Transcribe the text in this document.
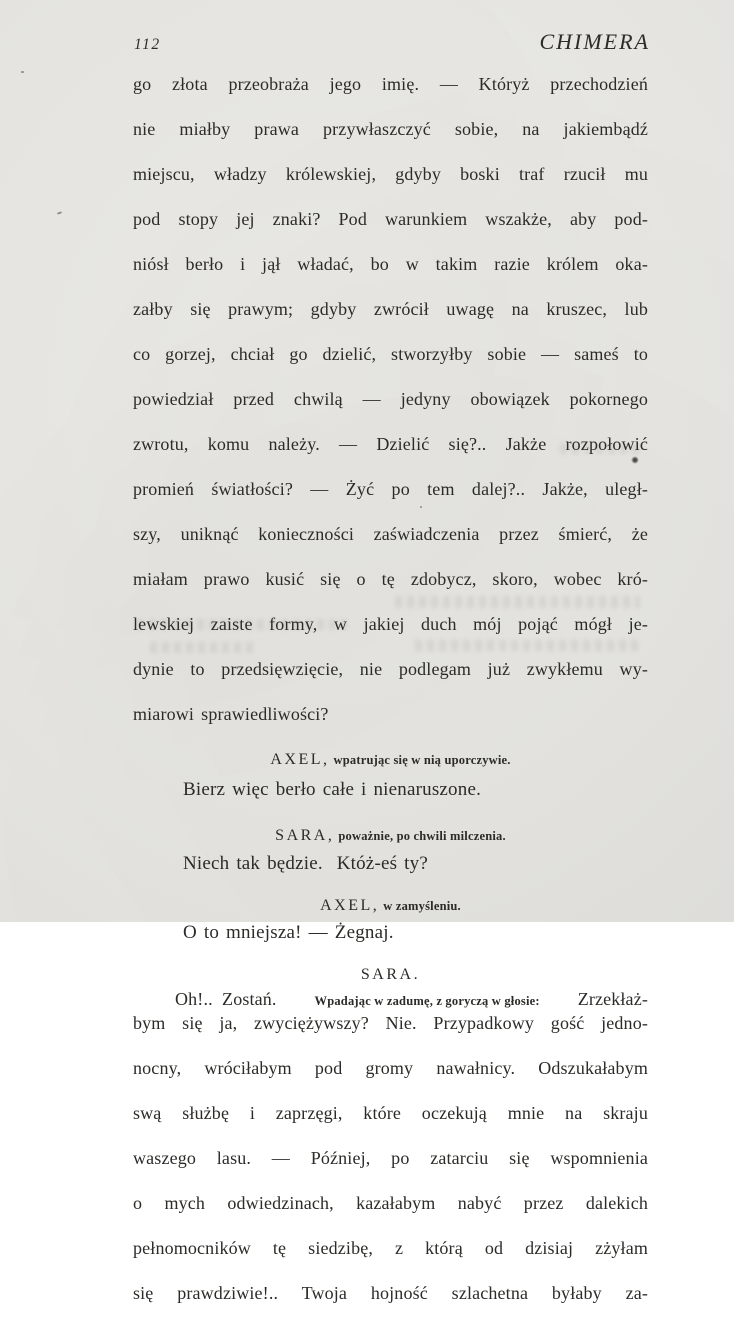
112	CHIMERA
go złota przeobraża jego imię. — Któryż przechodzień
nie miałby prawa przywłaszczyć sobie, na jakiembądź
miejscu, władzy królewskiej, gdyby boski traf rzucił mu
pod stopy jej znaki? Pod warunkiem wszakże, aby pod-
niósł berło i jął władać, bo w takim razie królem oka-
załby się prawym; gdyby zwrócił uwagę na kruszec, lub
co gorzej, chciał go dzielić, stworzyłby sobie — sameś to
powiedział przed chwilą — jedyny obowiązek pokornego
zwrotu, komu należy. — Dzielić się?.. Jakże rozpołowić
promień światłości? — Żyć po tem dalej?.. Jakże, uległ-
szy, uniknąć konieczności zaświadczenia przez śmierć, że
miałam prawo kusić się o tę zdobycz, skoro, wobec kró-
lewskiej zaiste formy, w jakiej duch mój pojąć mógł je-
dynie to przedsięwzięcie, nie podlegam już zwykłemu wy-
miarowi sprawiedliwości?
AXEL, wpatrując się w nią uporczywie.
Bierz więc berło całe i nienaruszone.
SARA, poważnie, po chwili milczenia.
Niech tak będzie.  Któż-eś ty?
AXEL, w zamyśleniu.
O to mniejsza! — Żegnaj.
SARA.
Oh!..  Zostań.	Wpadając w zadumę, z goryczą w głosie: Zrzekłaż-
bym się ja, zwyciężywszy? Nie. Przypadkowy gość jedno-
nocny, wróciłabym pod gromy nawałnicy. Odszukałabym
swą służbę i zaprzęgi, które oczekują mnie na skraju
waszego lasu. — Później, po zatarciu się wspomnienia
o mych odwiedzinach, kazałabym nabyć przez dalekich
pełnomocników tę siedzibę, z którą od dzisiaj zżyłam
się prawdziwie!.. Twoja hojność szlachetna byłaby za-
